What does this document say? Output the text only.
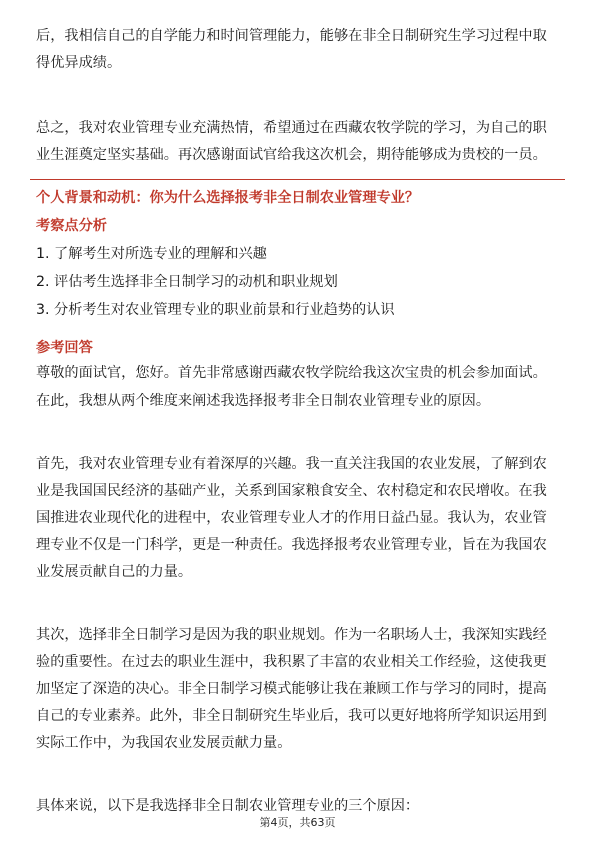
后，我相信自己的自学能力和时间管理能力，能够在非全日制研究生学习过程中取
得优异成绩。
总之，我对农业管理专业充满热情，希望通过在西藏农牧学院的学习，为自己的职
业生涯奠定坚实基础。再次感谢面试官给我这次机会，期待能够成为贵校的一员。
个人背景和动机：你为什么选择报考非全日制农业管理专业？
考察点分析
1. 了解考生对所选专业的理解和兴趣
2. 评估考生选择非全日制学习的动机和职业规划
3. 分析考生对农业管理专业的职业前景和行业趋势的认识
参考回答
尊敬的面试官，您好。首先非常感谢西藏农牧学院给我这次宝贵的机会参加面试。
在此，我想从两个维度来阐述我选择报考非全日制农业管理专业的原因。
首先，我对农业管理专业有着深厚的兴趣。我一直关注我国的农业发展，了解到农
业是我国国民经济的基础产业，关系到国家粮食安全、农村稳定和农民增收。在我
国推进农业现代化的进程中，农业管理专业人才的作用日益凸显。我认为，农业管
理专业不仅是一门科学，更是一种责任。我选择报考农业管理专业，旨在为我国农
业发展贡献自己的力量。
其次，选择非全日制学习是因为我的职业规划。作为一名职场人士，我深知实践经
验的重要性。在过去的职业生涯中，我积累了丰富的农业相关工作经验，这使我更
加坚定了深造的决心。非全日制学习模式能够让我在兼顾工作与学习的同时，提高
自己的专业素养。此外，非全日制研究生毕业后，我可以更好地将所学知识运用到
实际工作中，为我国农业发展贡献力量。
具体来说，以下是我选择非全日制农业管理专业的三个原因：
第4页，共63页
